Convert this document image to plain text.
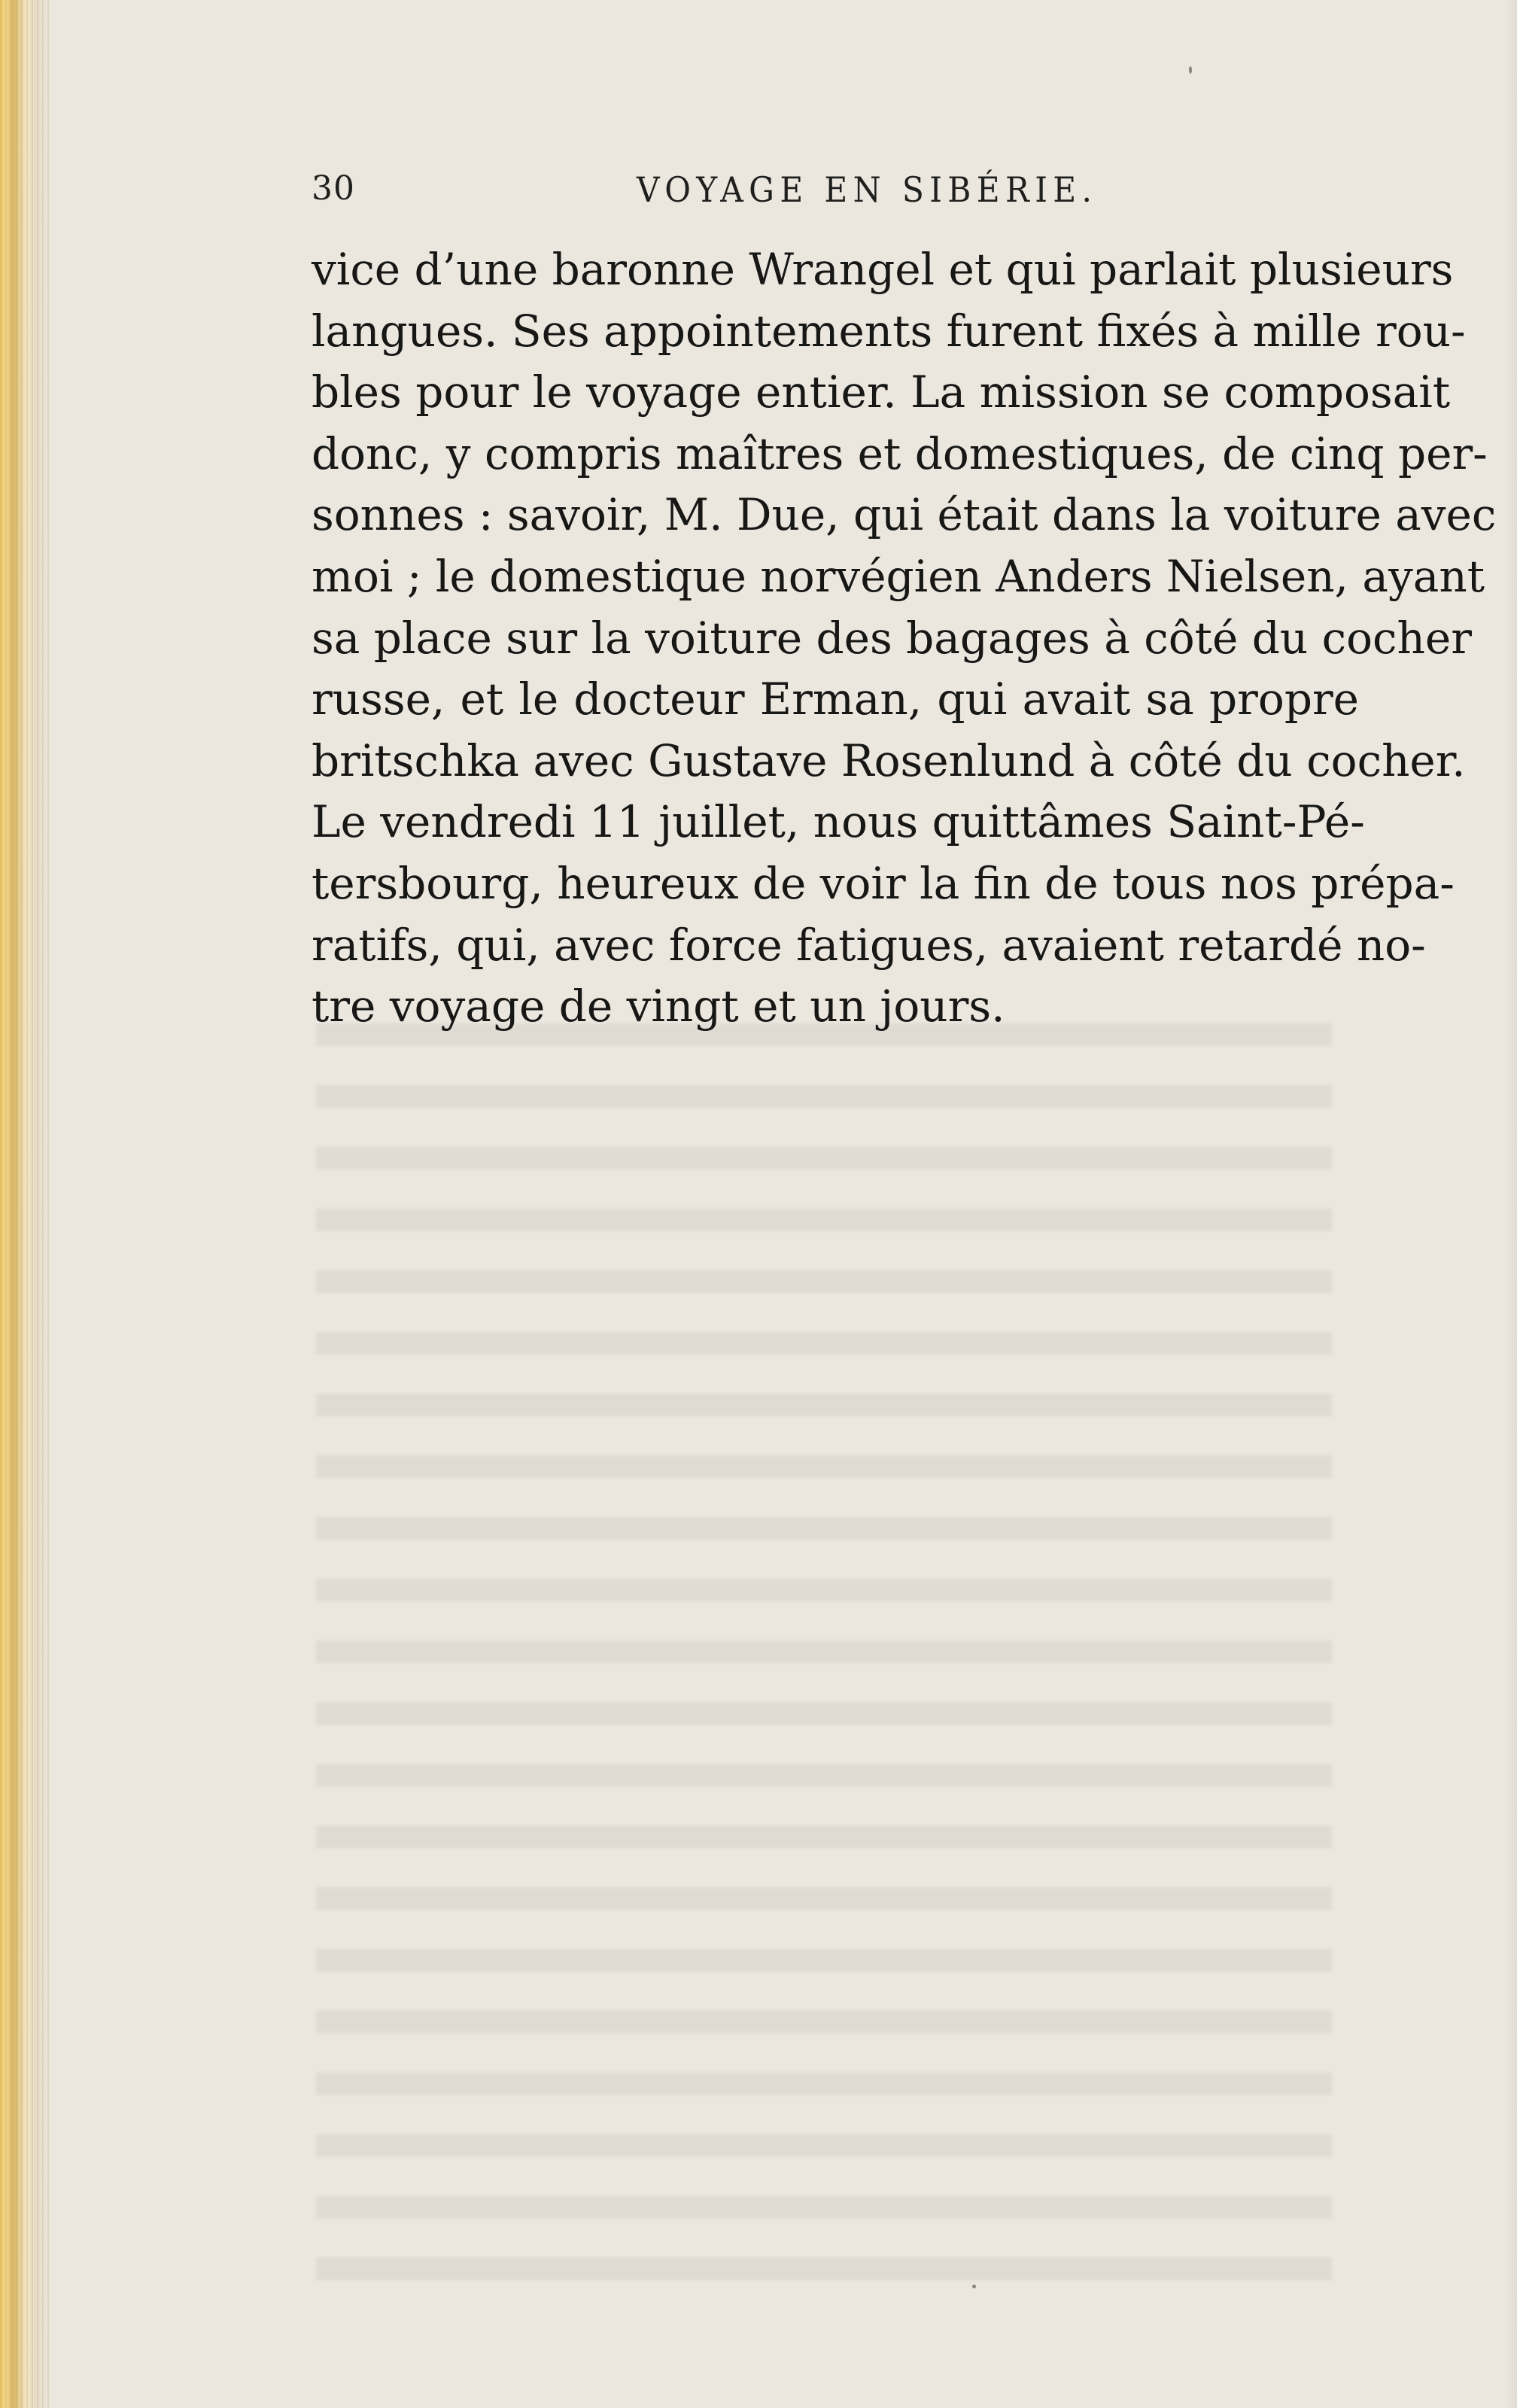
30	VOYAGE EN SIBÉRIE.
vice d’une baronne Wrangel et qui parlait plusieurs
langues. Ses appointements furent fixés à mille rou-
bles pour le voyage entier. La mission se composait
donc, y compris maîtres et domestiques, de cinq per-
sonnes : savoir, M. Due, qui était dans la voiture avec
moi ; le domestique norvégien Anders Nielsen, ayant
sa place sur la voiture des bagages à côté du cocher
russe, et le docteur Erman, qui avait sa propre
britschka avec Gustave Rosenlund à côté du cocher.
Le vendredi 11 juillet, nous quittâmes Saint-Pé-
tersbourg, heureux de voir la fin de tous nos prépa-
ratifs, qui, avec force fatigues, avaient retardé no-
tre voyage de vingt et un jours.
